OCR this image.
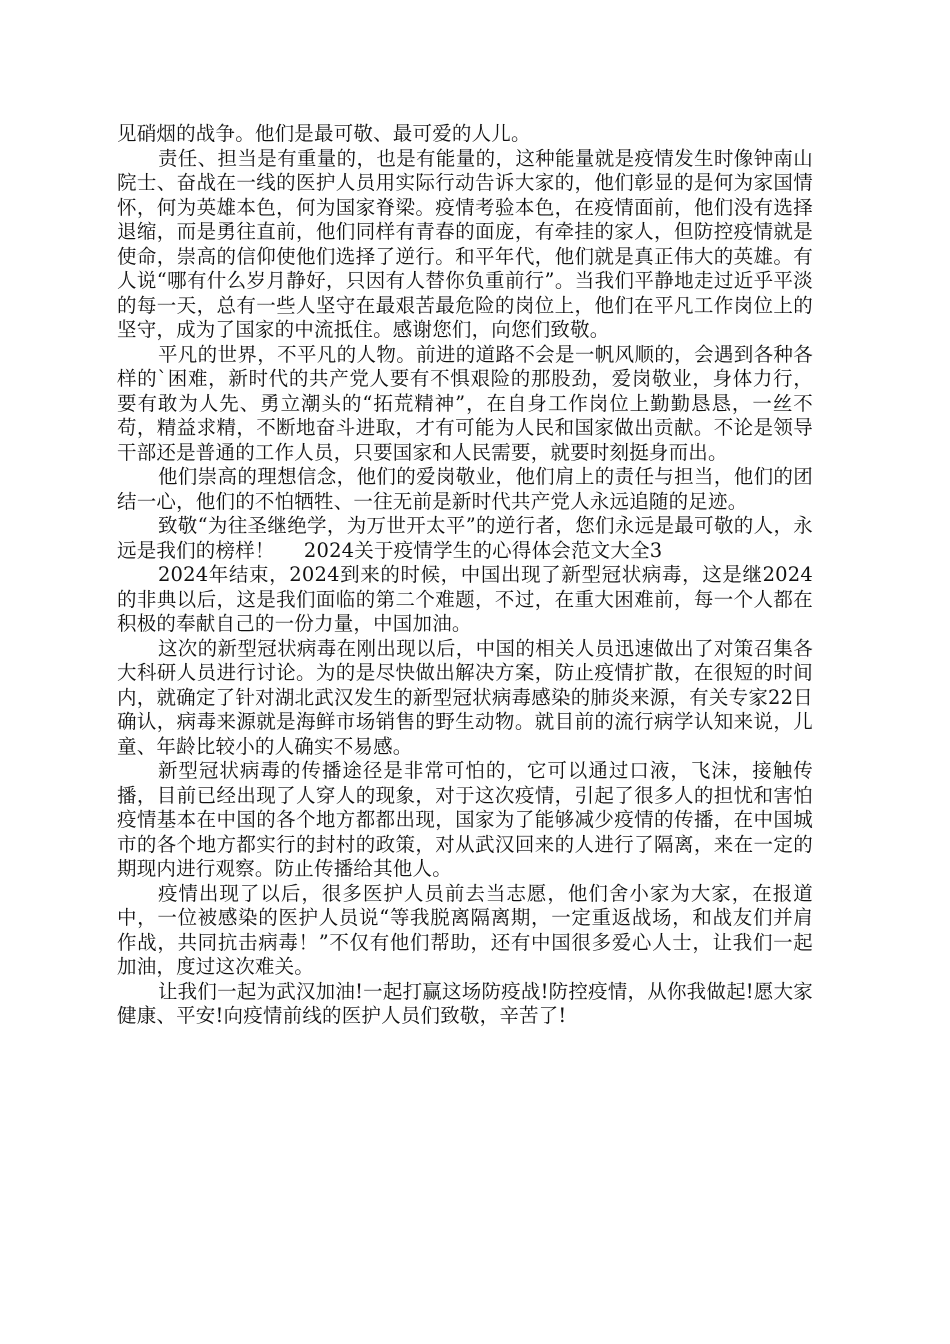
见硝烟的战争。他们是最可敬、最可爱的人儿。

责任、担当是有重量的，也是有能量的，这种能量就是疫情发生时像钟南山院士、奋战在一线的医护人员用实际行动告诉大家的，他们彰显的是何为家国情怀，何为英雄本色，何为国家脊梁。疫情考验本色，在疫情面前，他们没有选择退缩，而是勇往直前，他们同样有青春的面庞，有牵挂的家人，但防控疫情就是使命，崇高的信仰使他们选择了逆行。和平年代，他们就是真正伟大的英雄。有人说“哪有什么岁月静好，只因有人替你负重前行”。当我们平静地走过近乎平淡的每一天，总有一些人坚守在最艰苦最危险的岗位上，他们在平凡工作岗位上的坚守，成为了国家的中流抵住。感谢您们，向您们致敬。

平凡的世界，不平凡的人物。前进的道路不会是一帆风顺的，会遇到各种各样的`困难，新时代的共产党人要有不惧艰险的那股劲，爱岗敬业，身体力行，要有敢为人先、勇立潮头的“拓荒精神”，在自身工作岗位上勤勤恳恳，一丝不苟，精益求精，不断地奋斗进取，才有可能为人民和国家做出贡献。不论是领导干部还是普通的工作人员，只要国家和人民需要，就要时刻挺身而出。

他们崇高的理想信念，他们的爱岗敬业，他们肩上的责任与担当，他们的团结一心，他们的不怕牺牲、一往无前是新时代共产党人永远追随的足迹。

致敬“为往圣继绝学，为万世开太平”的逆行者，您们永远是最可敬的人，永远是我们的榜样！ 2024关于疫情学生的心得体会范文大全3

2024年结束，2024到来的时候，中国出现了新型冠状病毒，这是继2024的非典以后，这是我们面临的第二个难题，不过，在重大困难前，每一个人都在积极的奉献自己的一份力量，中国加油。

这次的新型冠状病毒在刚出现以后，中国的相关人员迅速做出了对策召集各大科研人员进行讨论。为的是尽快做出解决方案，防止疫情扩散，在很短的时间内，就确定了针对湖北武汉发生的新型冠状病毒感染的肺炎来源，有关专家22日确认，病毒来源就是海鲜市场销售的野生动物。就目前的流行病学认知来说，儿童、年龄比较小的人确实不易感。

新型冠状病毒的传播途径是非常可怕的，它可以通过口液，飞沫，接触传播，目前已经出现了人穿人的现象，对于这次疫情，引起了很多人的担忧和害怕疫情基本在中国的各个地方都都出现，国家为了能够减少疫情的传播，在中国城市的各个地方都实行的封村的政策，对从武汉回来的人进行了隔离，来在一定的期现内进行观察。防止传播给其他人。

疫情出现了以后，很多医护人员前去当志愿，他们舍小家为大家，在报道中，一位被感染的医护人员说“等我脱离隔离期，一定重返战场，和战友们并肩作战，共同抗击病毒！”不仅有他们帮助，还有中国很多爱心人士，让我们一起加油，度过这次难关。

让我们一起为武汉加油!一起打赢这场防疫战!防控疫情，从你我做起!愿大家健康、平安!向疫情前线的医护人员们致敬，辛苦了!
